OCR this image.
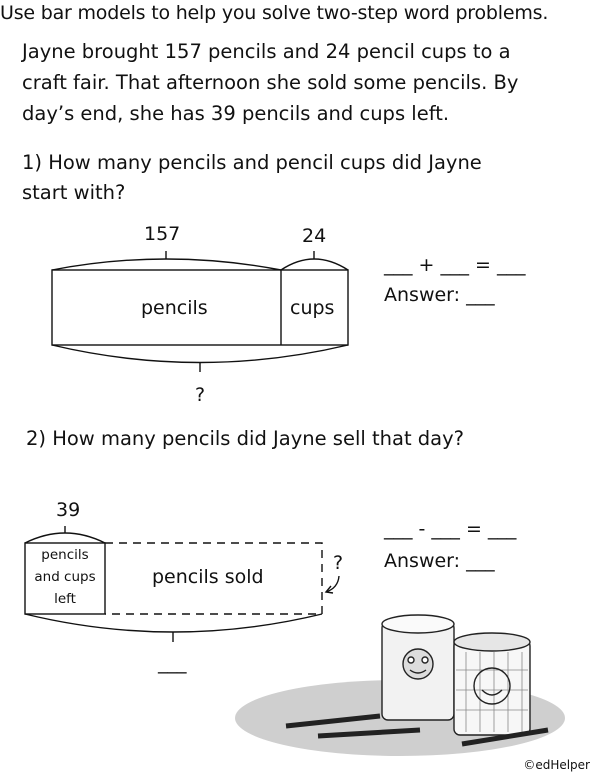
Use bar models to help you solve two-step word problems.
Jayne brought 157 pencils and 24 pencil cups to a
craft fair. That afternoon she sold some pencils. By
day’s end, she has 39 pencils and cups left.
1) How many pencils and pencil cups did Jayne
start with?
157	24
pencils	cups
?
___ + ___ = ___
Answer: ___
2) How many pencils did Jayne sell that day?
39
pencils
and cups
left
pencils sold
?
___
___ - ___ = ___
Answer: ___
©edHelper
